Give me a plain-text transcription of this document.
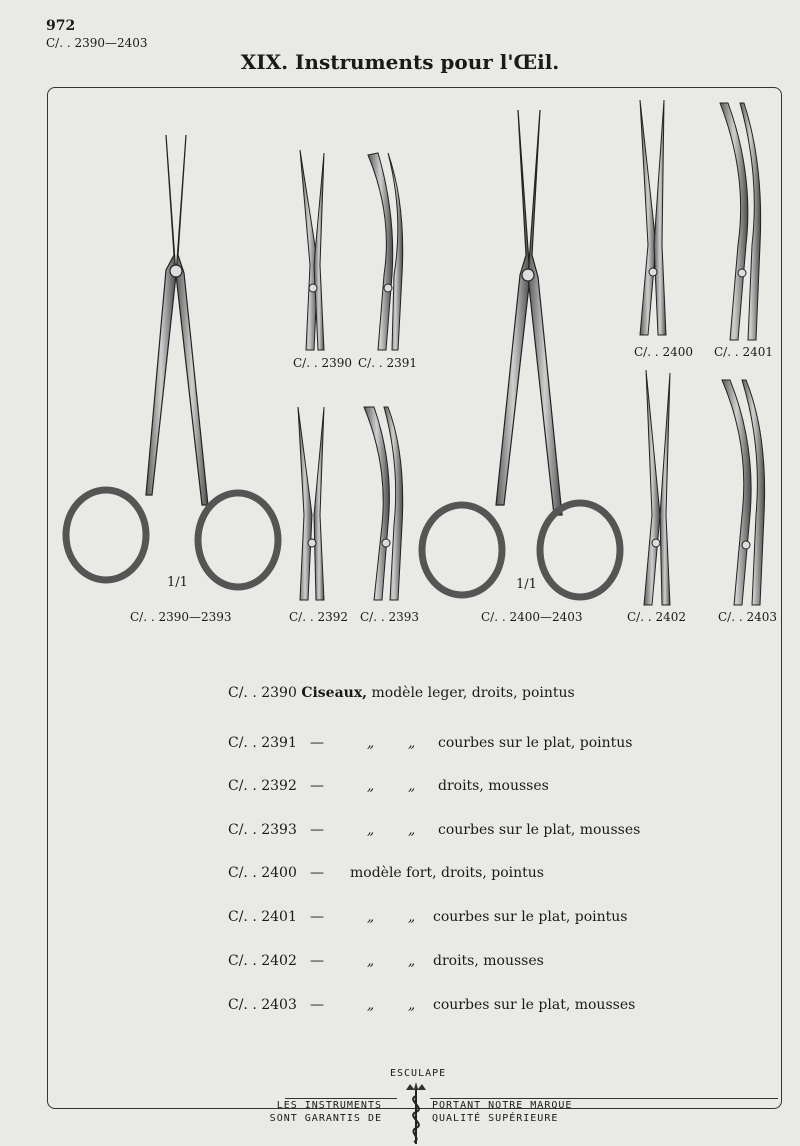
972
C/. . 2390—2403
XIX. Instruments pour l'Œil.
C/. . 2390—2393
C/. . 2390 C/. . 2391
C/. . 2392 C/. . 2393	C/. . 2400—2403
C/. . 2400 C/. . 2401
C/. . 2402	C/. . 2403
1/1	1/1
C/. . 2390 Ciseaux, modèle leger, droits, pointus
C/. . 2391 —	„ „ courbes sur le plat, pointus
C/. . 2392 —	„ „ droits, mousses
C/. . 2393 —	„ „ courbes sur le plat, mousses
C/. . 2400 — modèle fort, droits, pointus
C/. . 2401 —	„ „ courbes sur le plat, pointus
C/. . 2402 —	„ „ droits, mousses
C/. . 2403 —	„ „ courbes sur le plat, mousses
ESCULAPE
LES INSTRUMENTS
SONT GARANTIS DE
PORTANT NOTRE MARQUE
QUALITÉ SUPÉRIEURE
